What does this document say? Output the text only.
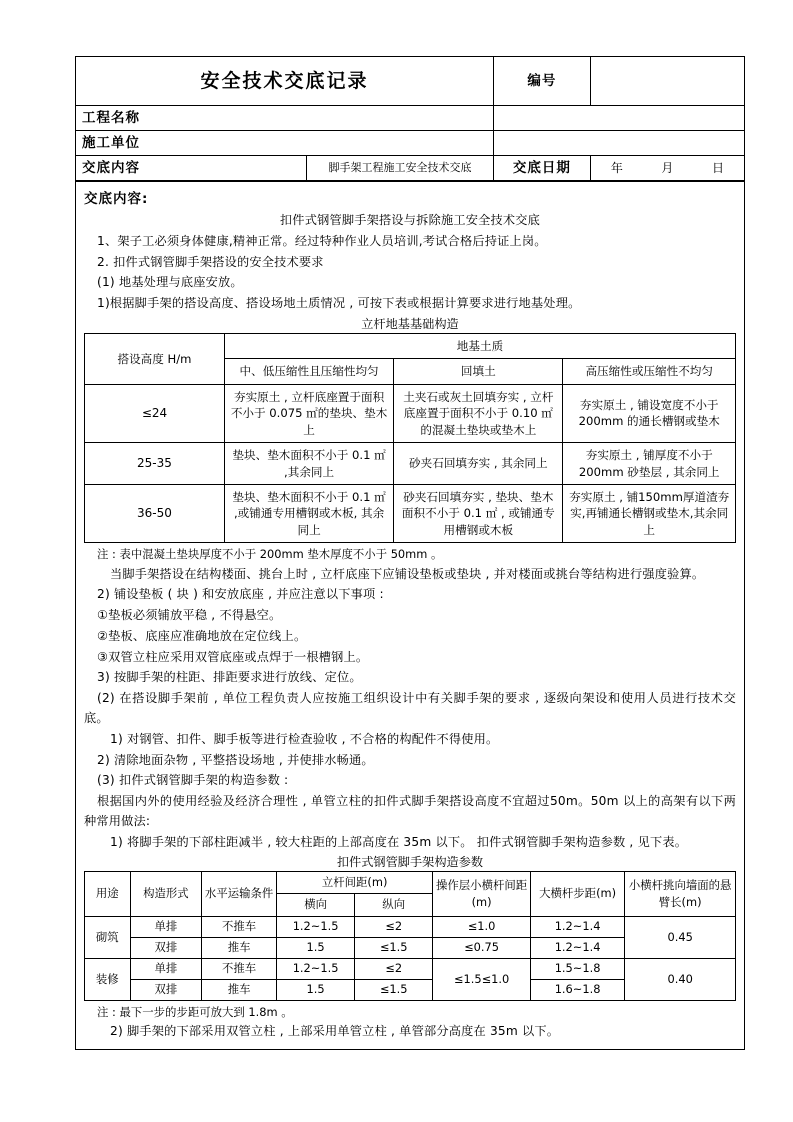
安全技术交底记录	编号	
工程名称		
施工单位		
交底内容	脚手架工程施工安全技术交底	交底日期	年	月	日
交底内容:

扣件式钢管脚手架搭设与拆除施工安全技术交底

1、架子工必须身体健康,精神正常。经过特种作业人员培训,考试合格后持证上岗。

2. 扣件式钢管脚手架搭设的安全技术要求

(1) 地基处理与底座安放。

1)根据脚手架的搭设高度、搭设场地土质情况 , 可按下表或根据计算要求进行地基处理。

立杆地基基础构造
搭设高度 H/m	地基土质		
	中、低压缩性且压缩性均匀	回填土	高压缩性或压缩性不均匀
≤24	夯实原土 , 立杆底座置于面积不小于 0.075 ㎡的垫块、垫木上	土夹石或灰土回填夯实 , 立杆底座置于面积不小于 0.10 ㎡的混凝土垫块或垫木上	夯实原土 , 铺设宽度不小于 200mm 的通长槽钢或垫木
25-35	垫块、垫木面积不小于 0.1 ㎡ ,其余同上	砂夹石回填夯实 , 其余同上	夯实原土 , 铺厚度不小于 200mm 砂垫层 , 其余同上
36-50	垫块、垫木面积不小于 0.1 ㎡ ,或铺通专用槽钢或木板, 其余同上	砂夹石回填夯实 , 垫块、垫木面积不小于 0.1 ㎡ , 或铺通专用槽钢或木板	夯实原土 , 铺150mm厚道渣夯实,再铺通长槽钢或垫木,其余同上

注 : 表中混凝土垫块厚度不小于 200mm 垫木厚度不小于 50mm 。

当脚手架搭设在结构楼面、挑台上时 , 立杆底座下应铺设垫板或垫块 , 并对楼面或挑台等结构进行强度验算。

2) 铺设垫板 ( 块 ) 和安放底座 , 并应注意以下事项 :

①垫板必须铺放平稳 , 不得悬空。

②垫板、底座应准确地放在定位线上。

③双管立柱应采用双管底座或点焊于一根槽钢上。

3) 按脚手架的柱距、排距要求进行放线、定位。

(2) 在搭设脚手架前 , 单位工程负责人应按施工组织设计中有关脚手架的要求 , 逐级向架设和使用人员进行技术交底。

1) 对钢管、扣件、脚手板等进行检查验收 , 不合格的构配件不得使用。

2) 清除地面杂物 , 平整搭设场地 , 并使排水畅通。

(3) 扣件式钢管脚手架的构造参数 :

根据国内外的使用经验及经济合理性 , 单管立柱的扣件式脚手架搭设高度不宜超过50m。50m 以上的高架有以下两种常用做法:

1) 将脚手架的下部柱距减半 , 较大柱距的上部高度在 35m 以下。 扣件式钢管脚手架构造参数 , 见下表。

扣件式钢管脚手架构造参数
用途	构造形式	水平运输条件	立杆间距(m)		操作层小横杆间距(m)	大横杆步距(m)	小横杆挑向墙面的悬臂长(m)
			横向	纵向			
砌筑	单排	不推车	1.2~1.5	≤2	≤1.0	1.2~1.4	0.45
	双排	推车	1.5	≤1.5	≤0.75	1.2~1.4	
装修	单排	不推车	1.2~1.5	≤2	≤1.5≤1.0	1.5~1.8	0.40
	双排	推车	1.5	≤1.5		1.6~1.8	

注 : 最下一步的步距可放大到 1.8m 。

2) 脚手架的下部采用双管立柱 , 上部采用单管立柱 , 单管部分高度在 35m 以下。
